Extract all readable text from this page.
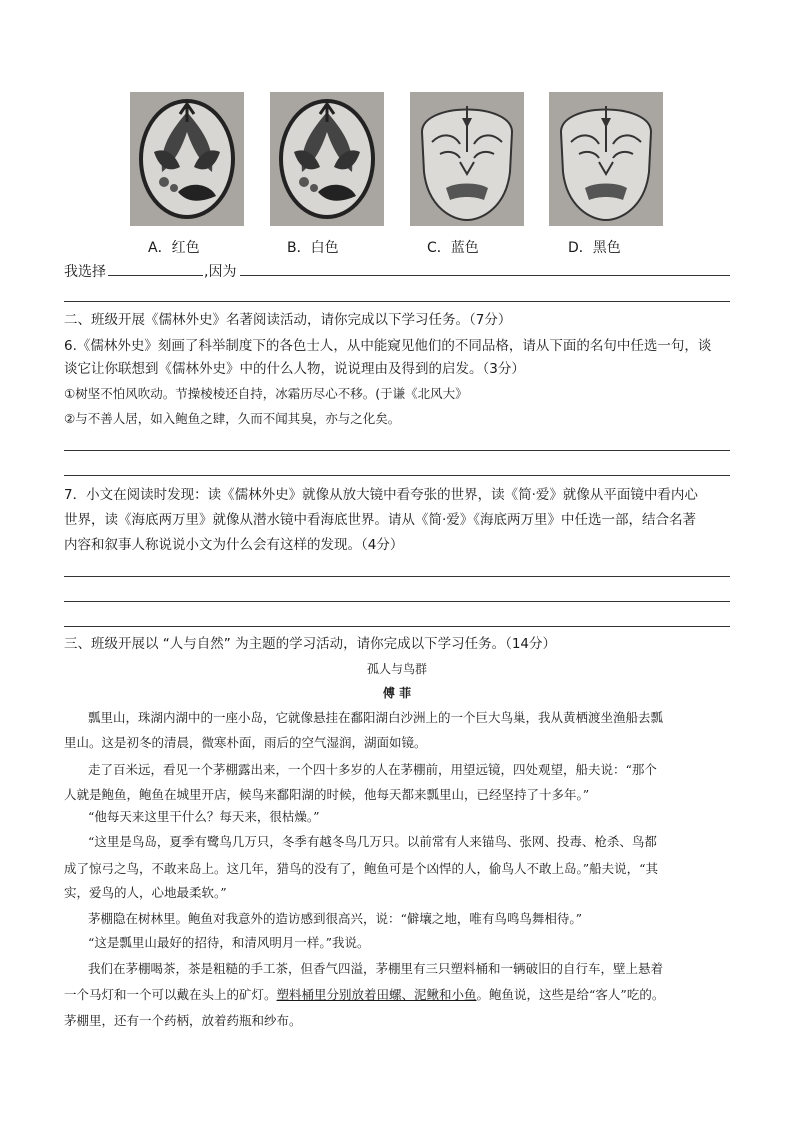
A．红色	B．白色	C．蓝色	D．黑色
我选择	,因为
二、班级开展《儒林外史》名著阅读活动，请你完成以下学习任务。（7分）
6.《儒林外史》刻画了科举制度下的各色士人，从中能窥见他们的不同品格，请从下面的名句中任选一句，谈
谈它让你联想到《儒林外史》中的什么人物，说说理由及得到的启发。（3分）
①树坚不怕风吹动。节操棱棱还自持，冰霜历尽心不移。(于谦《北风大》
②与不善人居，如入鲍鱼之肆，久而不闻其臭，亦与之化矣。
7．小文在阅读时发现：读《儒林外史》就像从放大镜中看夸张的世界，读《简·爱》就像从平面镜中看内心
世界，读《海底两万里》就像从潜水镜中看海底世界。请从《简·爱》《海底两万里》中任选一部，结合名著
内容和叙事人称说说小文为什么会有这样的发现。（4分）
三、班级开展以 “人与自然” 为主题的学习活动，请你完成以下学习任务。（14分）
孤人与鸟群
傅 菲
瓢里山，珠湖内湖中的一座小岛，它就像悬挂在鄱阳湖白沙洲上的一个巨大鸟巢，我从黄栖渡坐渔船去瓢
里山。这是初冬的清晨，微寒朴面，雨后的空气湿润，湖面如镜。
走了百米远，看见一个茅棚露出来，一个四十多岁的人在茅棚前，用望远镜，四处观望，船夫说：“那个
人就是鲍鱼，鲍鱼在城里开店，候鸟来鄱阳湖的时候，他每天都来瓢里山，已经坚持了十多年。”
“他每天来这里干什么？每天来，很枯燥。”
“这里是鸟岛，夏季有鹭鸟几万只，冬季有越冬鸟几万只。以前常有人来锚鸟、张网、投毒、枪杀、鸟都
成了惊弓之鸟，不敢来岛上。这几年，猎鸟的没有了，鲍鱼可是个凶悍的人，偷鸟人不敢上岛。”船夫说，“其
实，爱鸟的人，心地最柔软。”
茅棚隐在树林里。鲍鱼对我意外的造访感到很高兴，说：“僻壤之地，唯有鸟鸣鸟舞相待。”
“这是瓢里山最好的招待，和清风明月一样。”我说。
我们在茅棚喝茶，茶是粗糙的手工茶，但香气四溢，茅棚里有三只塑料桶和一辆破旧的自行车，壁上悬着
一个马灯和一个可以戴在头上的矿灯。塑料桶里分别放着田螺、泥鳅和小鱼。鲍鱼说，这些是给“客人”吃的。
茅棚里，还有一个药柄，放着药瓶和纱布。
